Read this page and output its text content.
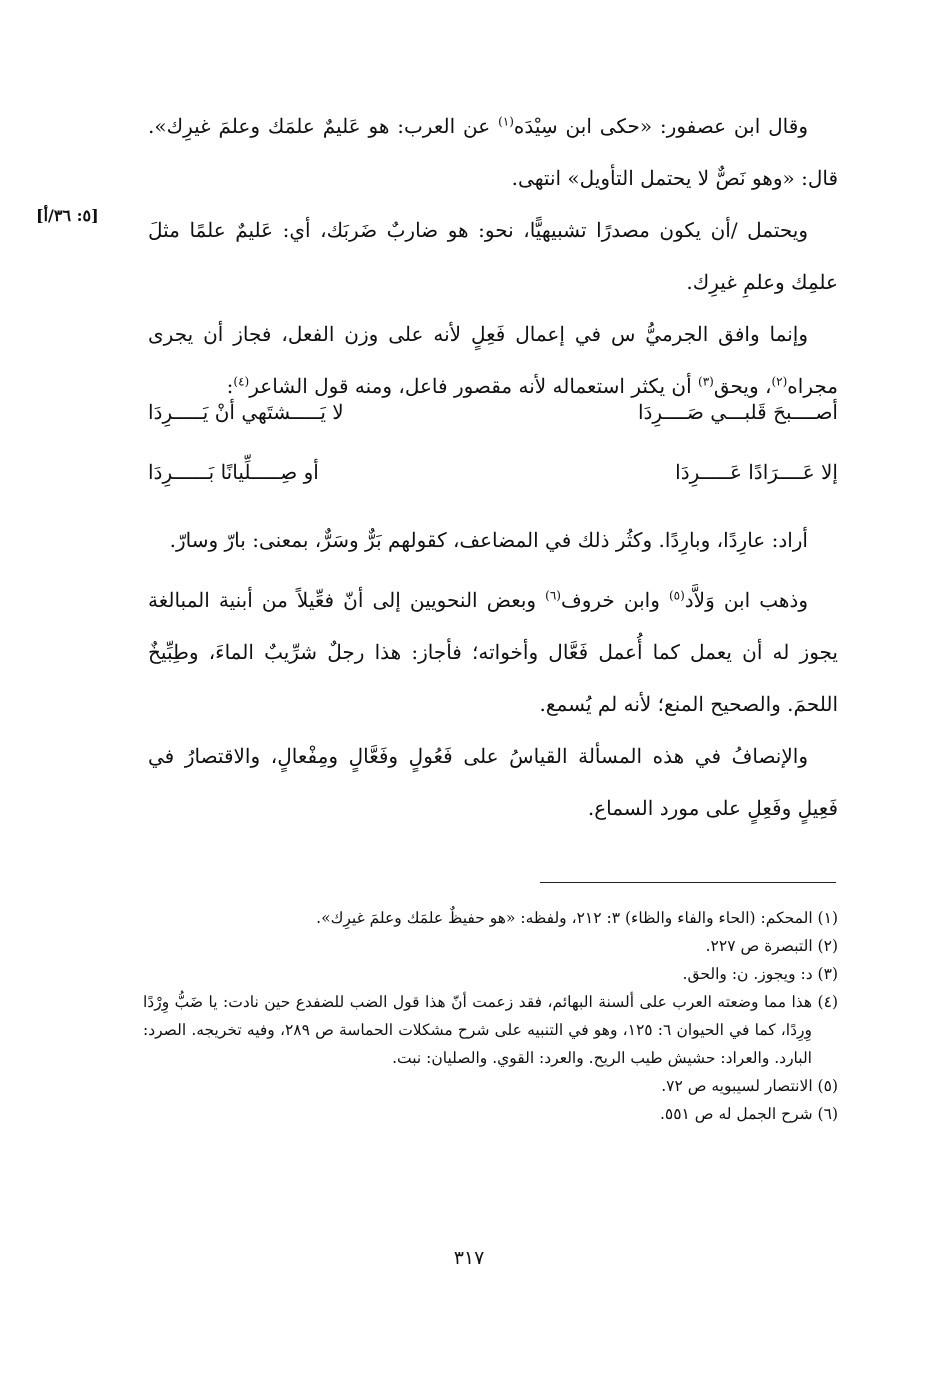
[٥: ٣٦/أ]

وقال ابن عصفور: «حكى ابن سِيْدَه$^{(١)}$ عن العرب: هو عَليمٌ علمَك وعلمَ غيرِك». قال: «وهو نَصٌّ لا يحتمل التأويل» انتهى.

ويحتمل /أن يكون مصدرًا تشبيهيًّا، نحو: هو ضاربٌ ضَربَك، أي: عَليمٌ علمًا مثلَ علمِك وعلمِ غيرِك.

وإنما وافق الجرميُّ س في إعمال فَعِلٍ لأنه على وزن الفعل، فجاز أن يجرى مجراه$^{(٢)}$، ويحق$^{(٣)}$ أن يكثر استعماله لأنه مقصور فاعل، ومنه قول الشاعر$^{(٤)}$:

أصــــبحَ قَلبـــي صَــــرِدَا
لا يَـــــشتَهي أنْ يَـــــرِدَا
إلا عَــــرَادًا عَـــــرِدَا
أو صِـــــلِّيانًا بَــــــرِدَا

أراد: عارِدًا، وبارِدًا. وكثُر ذلك في المضاعف، كقولهم بَرٌّ وسَرٌّ، بمعنى: بارّ وسارّ.

وذهب ابن وَلاَّد$^{(٥)}$ وابن خروف$^{(٦)}$ وبعض النحويين إلى أنّ فعِّيلاً من أبنية المبالغة يجوز له أن يعمل كما أُعمل فَعَّال وأخواته؛ فأجاز: هذا رجلٌ شرِّيبٌ الماءَ، وطِبِّيخٌ اللحمَ. والصحيح المنع؛ لأنه لم يُسمع.

والإنصافُ في هذه المسألة القياسُ على فَعُولٍ وفَعَّالٍ ومِفْعالٍ، والاقتصارُ في فَعِيلٍ وفَعِلٍ على مورد السماع.

(١) المحكم: (الحاء والفاء والظاء) ٣: ٢١٢، ولفظه: «هو حفيظٌ علمَك وعلمَ غيرِك».

(٢) التبصرة ص ٢٢٧.

(٣) د: ويجوز. ن: والحق.

(٤) هذا مما وضعته العرب على ألسنة البهائم، فقد زعمت أنّ هذا قول الضب للضفدع حين نادت: يا ضَبُّ وِرْدًا وِرِدًا، كما في الحيوان ٦: ١٢٥، وهو في التنبيه على شرح مشكلات الحماسة ص ٢٨٩، وفيه تخريجه. الصرد: البارد. والعراد: حشيش طيب الريح. والعرد: القوي. والصليان: نبت.

(٥) الانتصار لسيبويه ص ٧٢.

(٦) شرح الجمل له ص ٥٥١.

٣١٧
